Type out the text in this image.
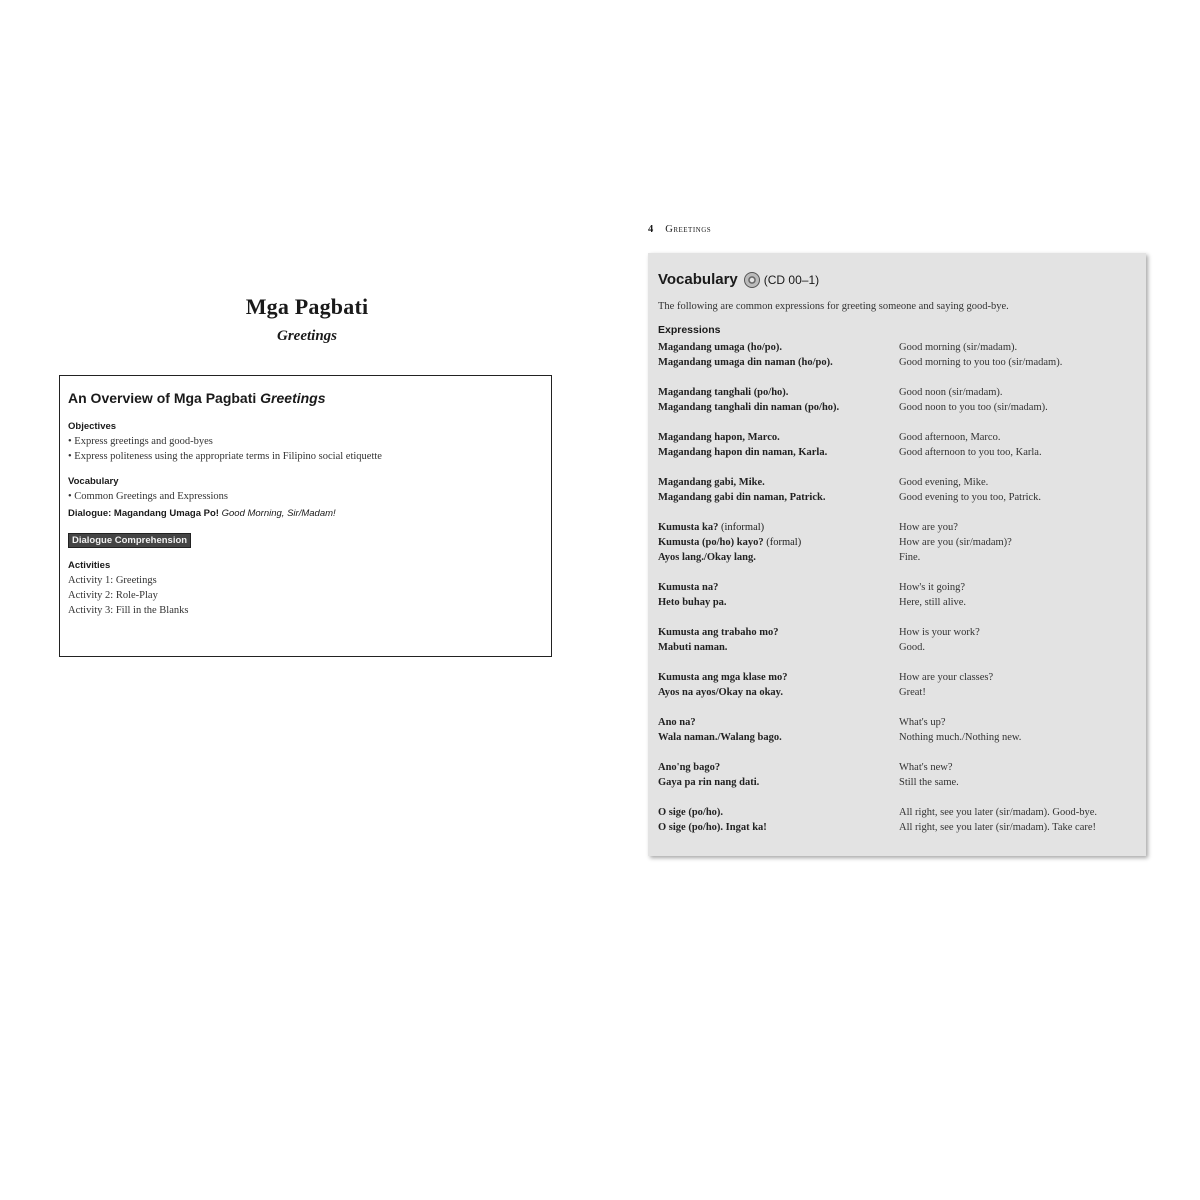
Mga Pagbati
Greetings
An Overview of Mga Pagbati Greetings
Objectives
• Express greetings and good-byes
• Express politeness using the appropriate terms in Filipino social etiquette
Vocabulary
• Common Greetings and Expressions
Dialogue: Magandang Umaga Po! Good Morning, Sir/Madam!
Dialogue Comprehension
Activities
Activity 1: Greetings
Activity 2: Role-Play
Activity 3: Fill in the Blanks
4 Greetings
Vocabulary (CD 00–1)
The following are common expressions for greeting someone and saying good-bye.
Expressions
Magandang umaga (ho/po).
Magandang umaga din naman (ho/po).
Good morning (sir/madam).
Good morning to you too (sir/madam).
Magandang tanghali (po/ho).
Magandang tanghali din naman (po/ho).
Good noon (sir/madam).
Good noon to you too (sir/madam).
Magandang hapon, Marco.
Magandang hapon din naman, Karla.
Good afternoon, Marco.
Good afternoon to you too, Karla.
Magandang gabi, Mike.
Magandang gabi din naman, Patrick.
Good evening, Mike.
Good evening to you too, Patrick.
Kumusta ka? (informal)
Kumusta (po/ho) kayo? (formal)
Ayos lang./Okay lang.
How are you?
How are you (sir/madam)?
Fine.
Kumusta na?
Heto buhay pa.
How's it going?
Here, still alive.
Kumusta ang trabaho mo?
Mabuti naman.
How is your work?
Good.
Kumusta ang mga klase mo?
Ayos na ayos/Okay na okay.
How are your classes?
Great!
Ano na?
Wala naman./Walang bago.
What's up?
Nothing much./Nothing new.
Ano'ng bago?
Gaya pa rin nang dati.
What's new?
Still the same.
O sige (po/ho).
O sige (po/ho). Ingat ka!
All right, see you later (sir/madam). Good-bye.
All right, see you later (sir/madam). Take care!
